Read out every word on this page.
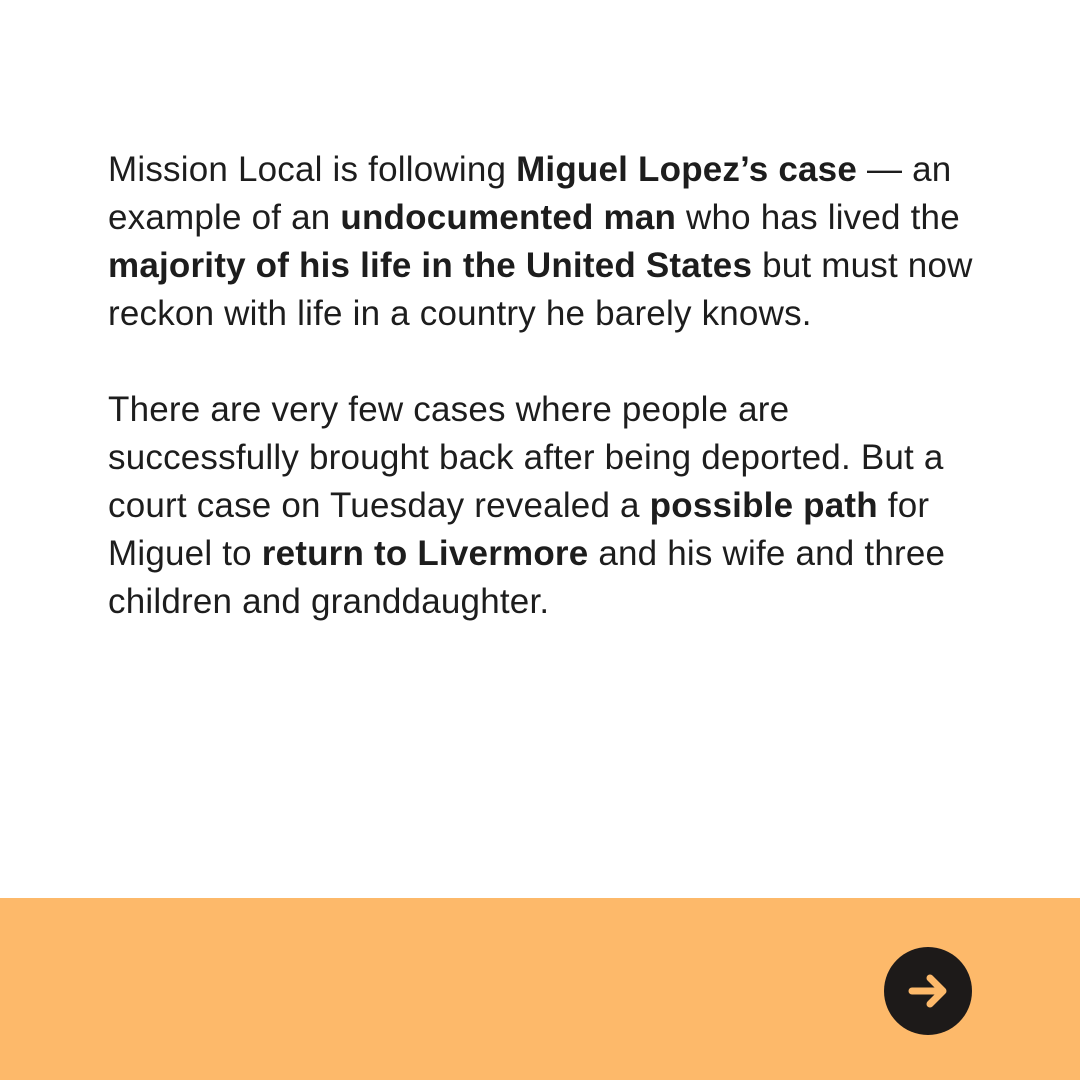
Mission Local is following Miguel Lopez’s case — an example of an undocumented man who has lived the majority of his life in the United States but must now reckon with life in a country he barely knows.

There are very few cases where people are successfully brought back after being deported. But a court case on Tuesday revealed a possible path for Miguel to return to Livermore and his wife and three children and granddaughter.
